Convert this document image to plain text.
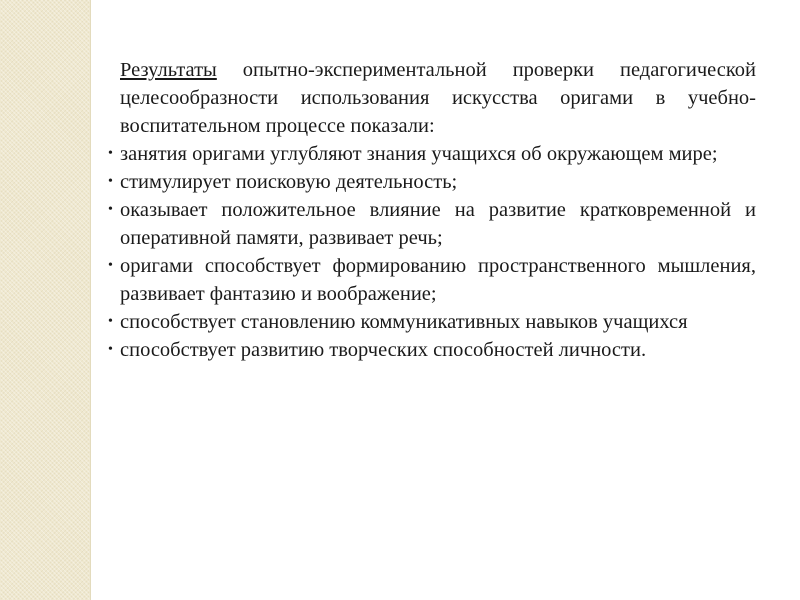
Результаты опытно-экспериментальной проверки педагогической целесообразности использования искусства оригами в учебно-воспитательном процессе показали:

• занятия оригами углубляют знания учащихся об окружающем мире;

• стимулирует поисковую деятельность;

• оказывает положительное влияние на развитие кратковременной и оперативной памяти, развивает речь;

• оригами способствует формированию пространственного мышления, развивает фантазию и воображение;

• способствует становлению коммуникативных навыков учащихся

• способствует развитию творческих способностей личности.
